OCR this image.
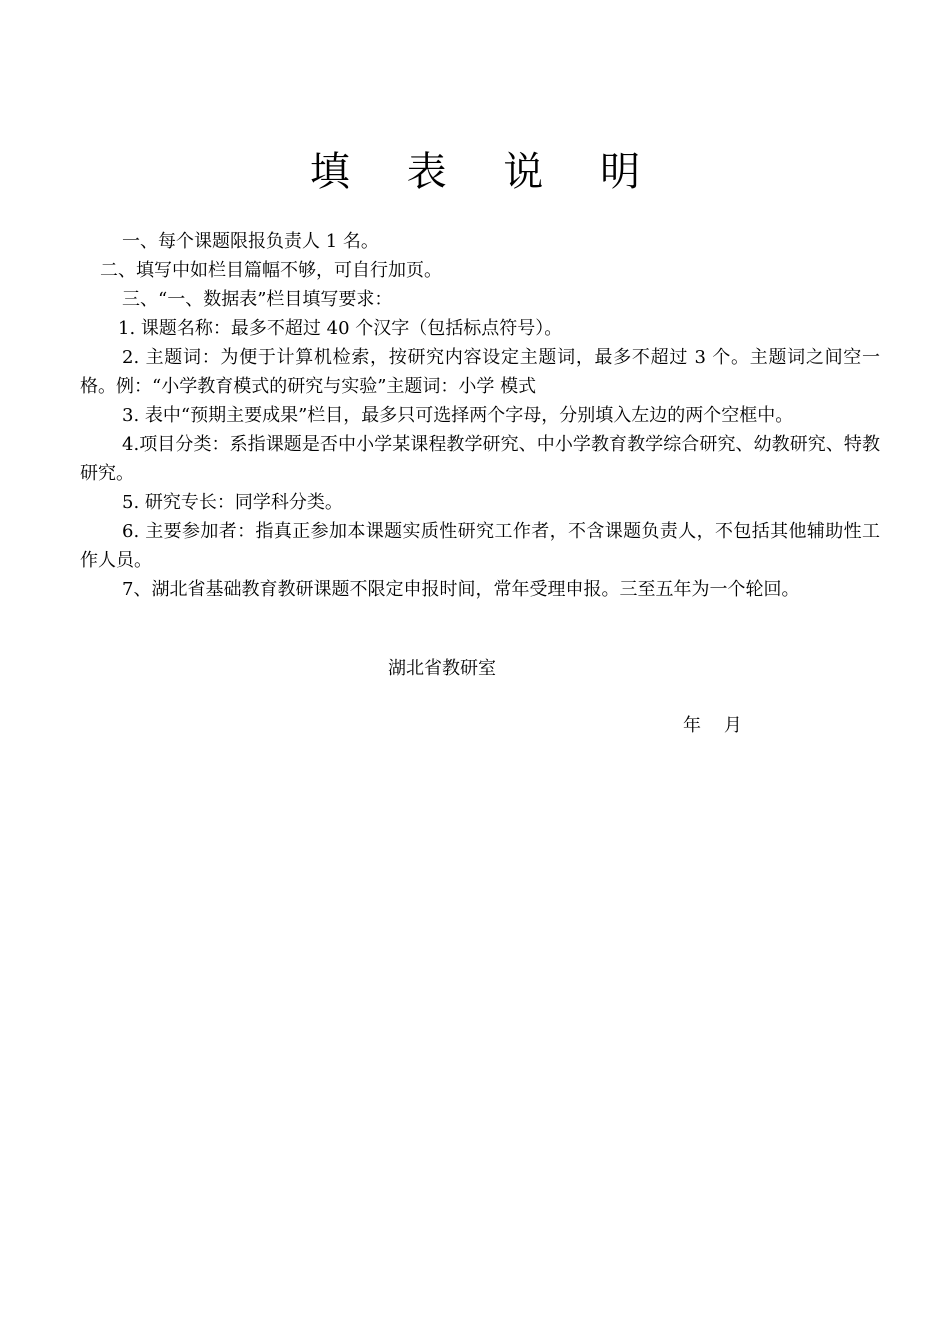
填 表 说 明

一、每个课题限报负责人 1 名。

二、填写中如栏目篇幅不够，可自行加页。

三、“一、数据表”栏目填写要求：

1. 课题名称：最多不超过 40 个汉字（包括标点符号）。

2. 主题词：为便于计算机检索，按研究内容设定主题词，最多不超过 3 个。主题词之间空一格。例：“小学教育模式的研究与实验”主题词：小学 模式

3. 表中“预期主要成果”栏目，最多只可选择两个字母，分别填入左边的两个空框中。

4.项目分类：系指课题是否中小学某课程教学研究、中小学教育教学综合研究、幼教研究、特教研究。

5. 研究专长：同学科分类。

6. 主要参加者：指真正参加本课题实质性研究工作者，不含课题负责人，不包括其他辅助性工作人员。

7、湖北省基础教育教研课题不限定申报时间，常年受理申报。三至五年为一个轮回。

湖北省教研室
年    月
